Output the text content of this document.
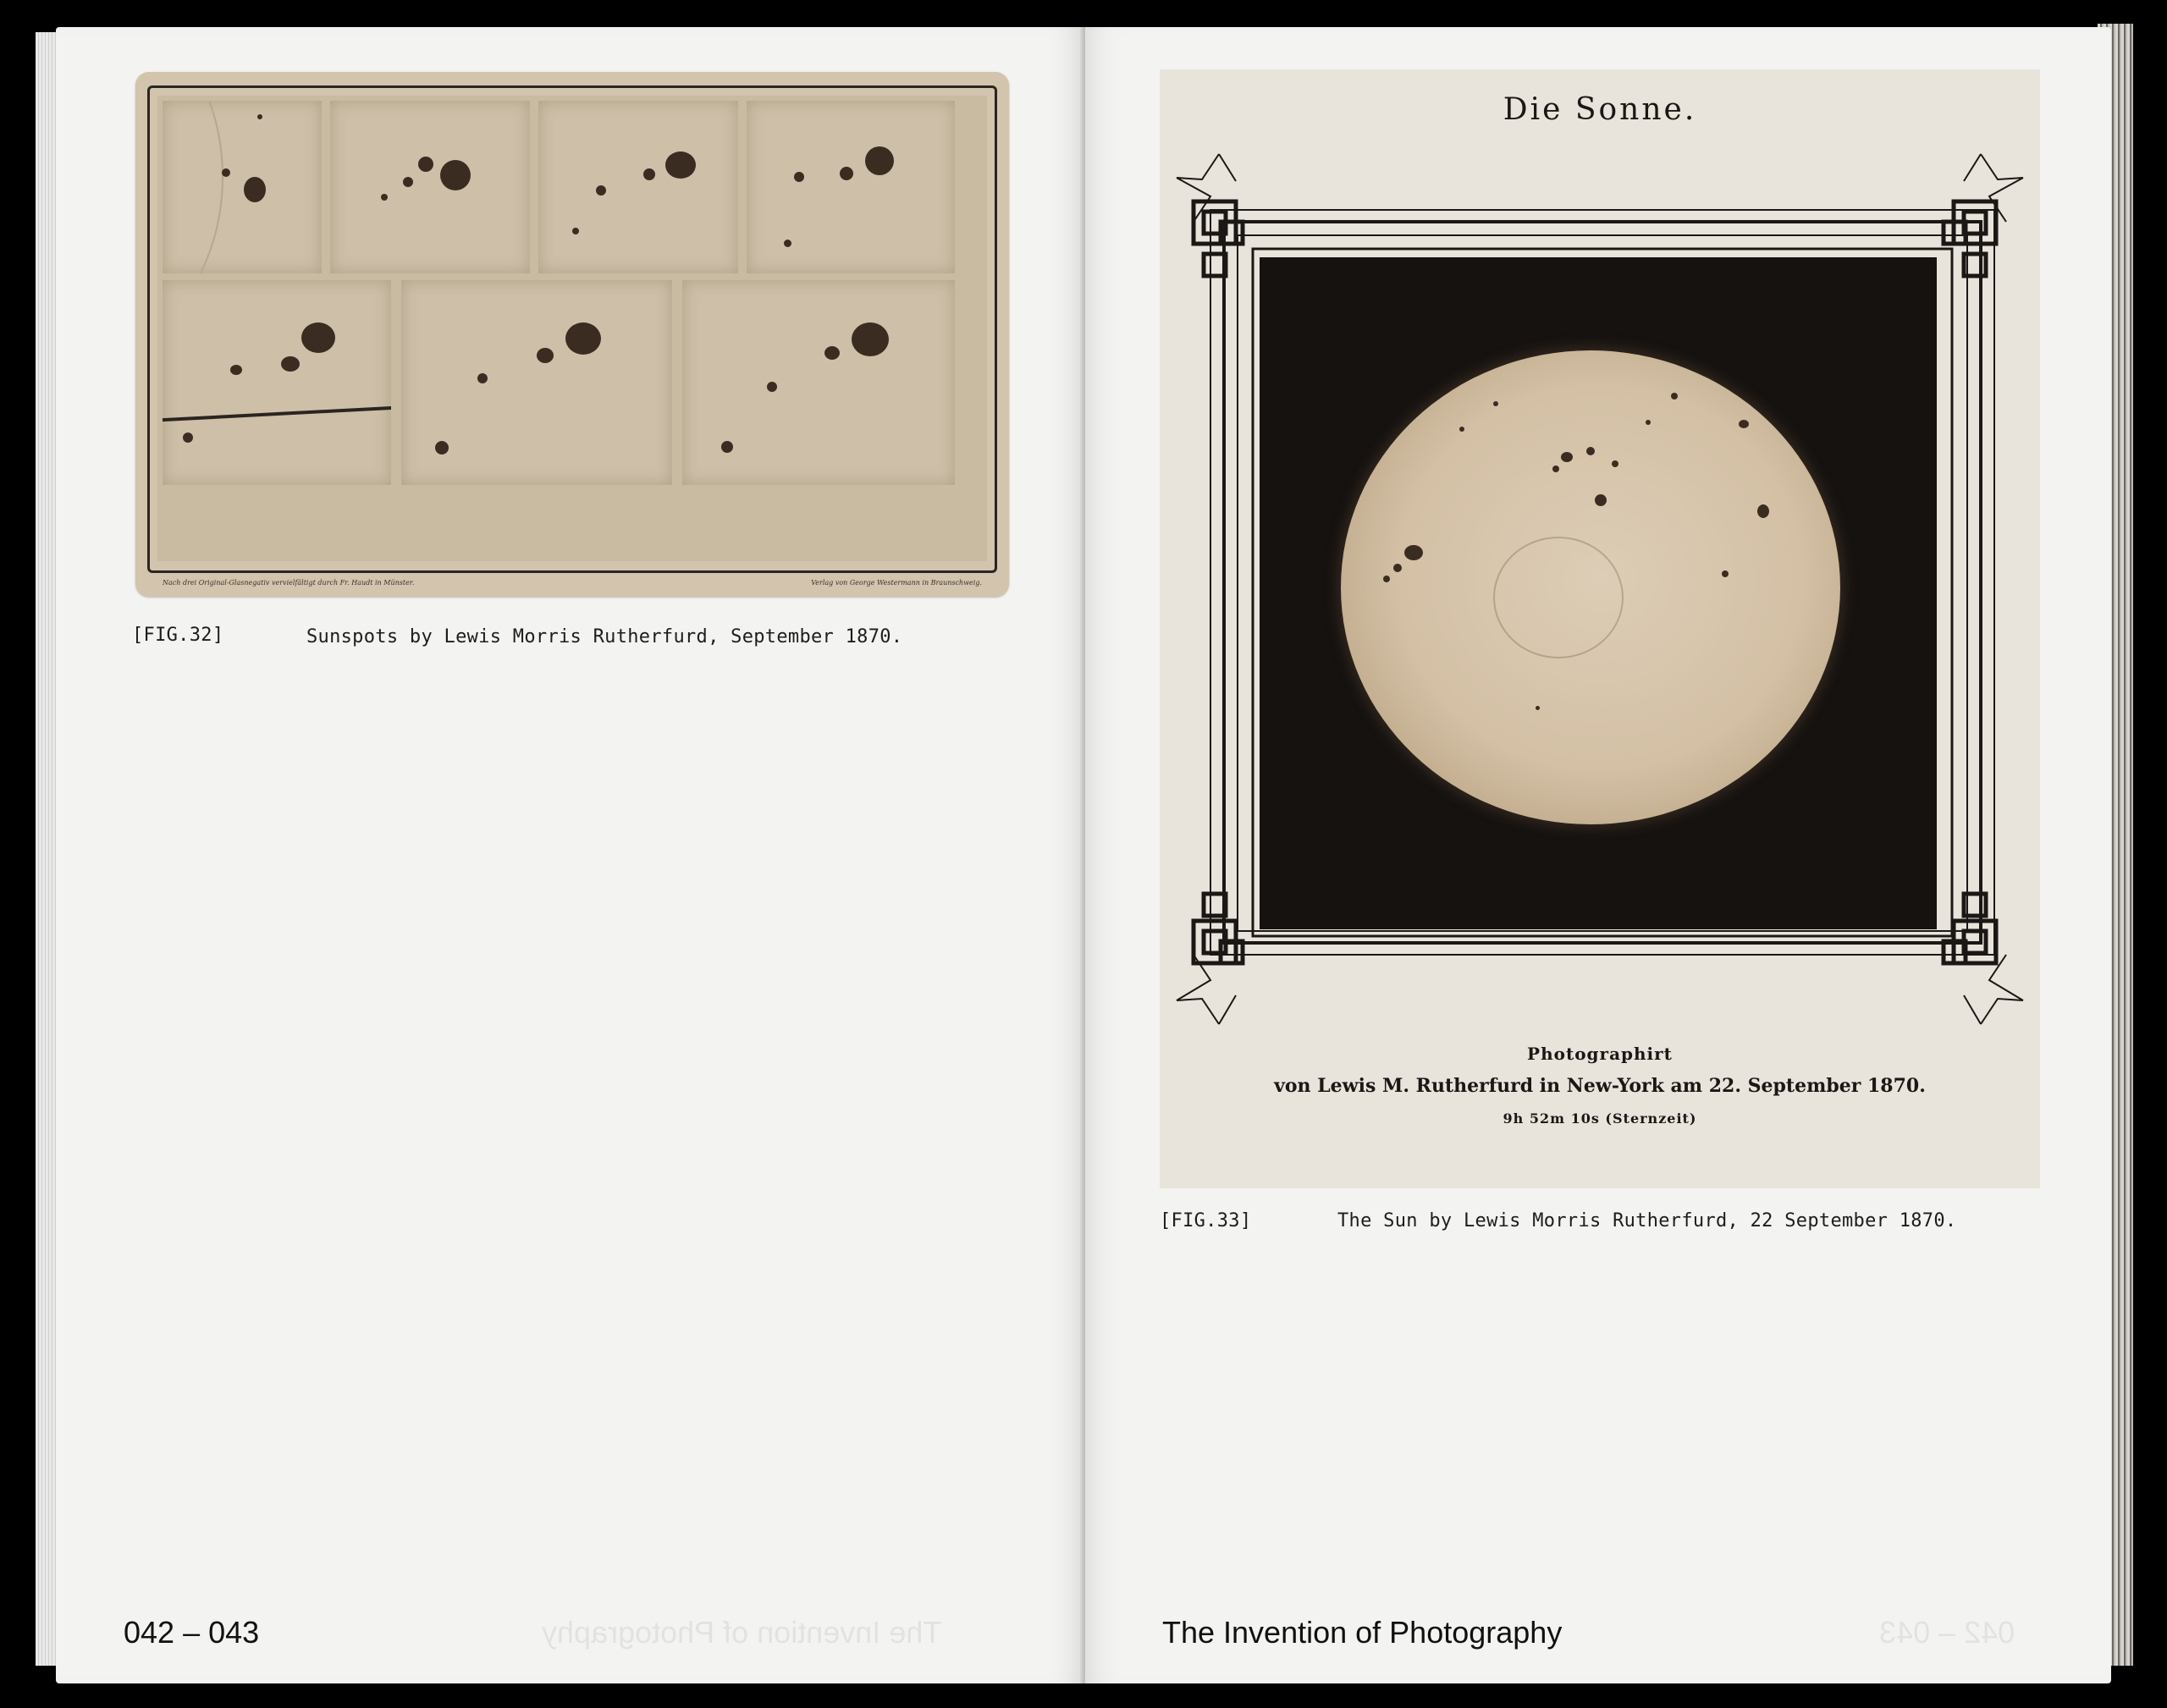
Nach drei Original-Glasnegativ vervielfältigt durch Fr. Haudt in Münster.	Verlag von George Westermann in Braunschweig.
[FIG.32]	Sunspots by Lewis Morris Rutherfurd, September 1870.
042 – 043	The Invention of Photography
Die Sonne.
Photographirt
von Lewis M. Rutherfurd in New-York am 22. September 1870.
9h 52m 10s (Sternzeit)
[FIG.33]	The Sun by Lewis Morris Rutherfurd, 22 September 1870.
The Invention of Photography	042 – 043
